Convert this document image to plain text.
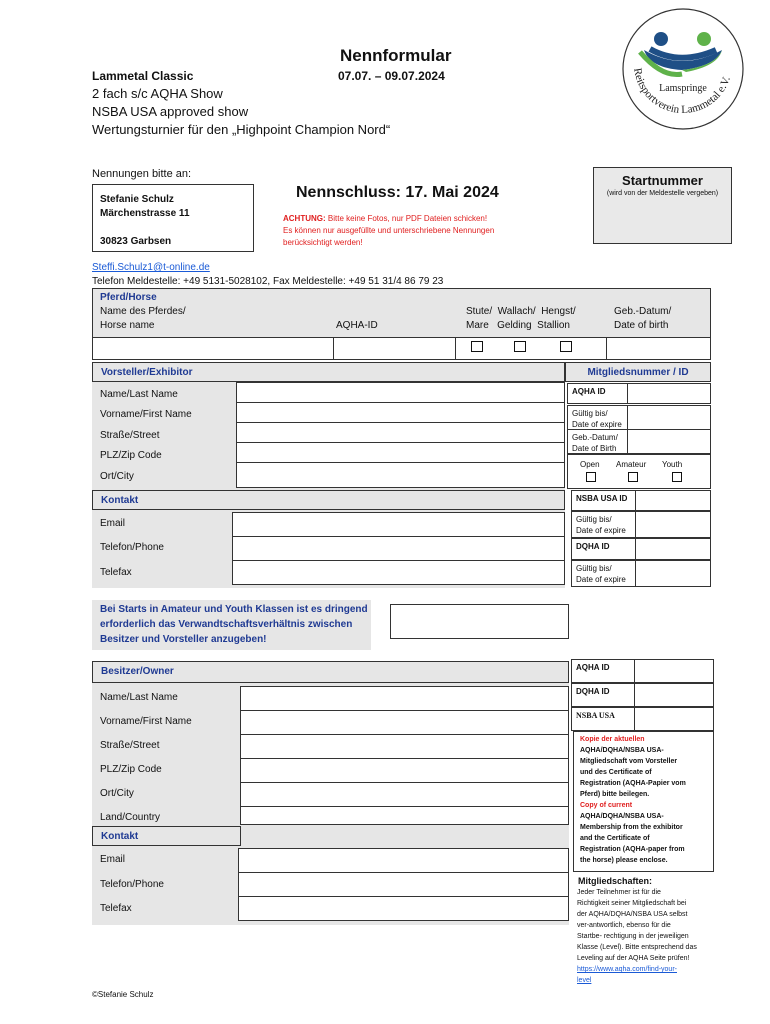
Nennformular
Lammetal Classic	07.07. – 09.07.2024
2 fach s/c AQHA Show
NSBA USA approved show
Wertungsturnier für den „Highpoint Champion Nord“
Reitsportverein Lammetal e.V.
Lamspringe
Nennungen bitte an:
Stefanie Schulz
Märchenstrasse 11
30823 Garbsen
Nennschluss: 17. Mai 2024
ACHTUNG: Bitte keine Fotos, nur PDF Dateien schicken!
Es können nur ausgefüllte und unterschriebene Nennungen
berücksichtigt werden!
Startnummer
(wird von der Meldestelle vergeben)
Steffi.Schulz1@t-online.de
Telefon Meldestelle: +49 5131-5028102, Fax Meldestelle: +49 51 31/4 86 79 23
Pferd/Horse
Name des Pferdes/
Horse name	AQHA-ID
Stute/  Wallach/  Hengst/
Mare   Gelding  Stallion
Geb.-Datum/
Date of birth
Vorsteller/Exhibitor
Name/Last Name
Vorname/First Name
Straße/Street
PLZ/Zip Code
Ort/City
Kontakt
Email
Telefon/Phone
Telefax
Mitgliedsnummer / ID
AQHA ID
Gültig bis/
Date of expire
Geb.-Datum/
Date of Birth
Open Amateur Youth
NSBA USA ID
Gültig bis/
Date of expire
DQHA ID
Gültig bis/
Date of expire
Bei Starts in Amateur und Youth Klassen ist es dringend
erforderlich das Verwandtschaftsverhältnis zwischen
Besitzer und Vorsteller anzugeben!
Besitzer/Owner
Name/Last Name
Vorname/First Name
Straße/Street
PLZ/Zip Code
Ort/City
Land/Country
Kontakt
Email
Telefon/Phone
Telefax
AQHA ID
DQHA ID
NSBA USA
Kopie der aktuellen
AQHA/DQHA/NSBA USA-
Mitgliedschaft vom Vorsteller
und des Certificate of
Registration (AQHA-Papier vom
Pferd) bitte beilegen.
Copy of current
AQHA/DQHA/NSBA USA-
Membership from the exhibitor
and the Certificate of
Registration (AQHA-paper from
the horse) please enclose.
Mitgliedschaften:
Jeder Teilnehmer ist für die
Richtigkeit seiner Mitgliedschaft bei
der AQHA/DQHA/NSBA USA selbst
ver-antwortlich, ebenso für die
Startbe- rechtigung in der jeweiligen
Klasse (Level). Bitte entsprechend das
Leveling auf der AQHA Seite prüfen!
https://www.aqha.com/find-your-
level
©Stefanie Schulz
